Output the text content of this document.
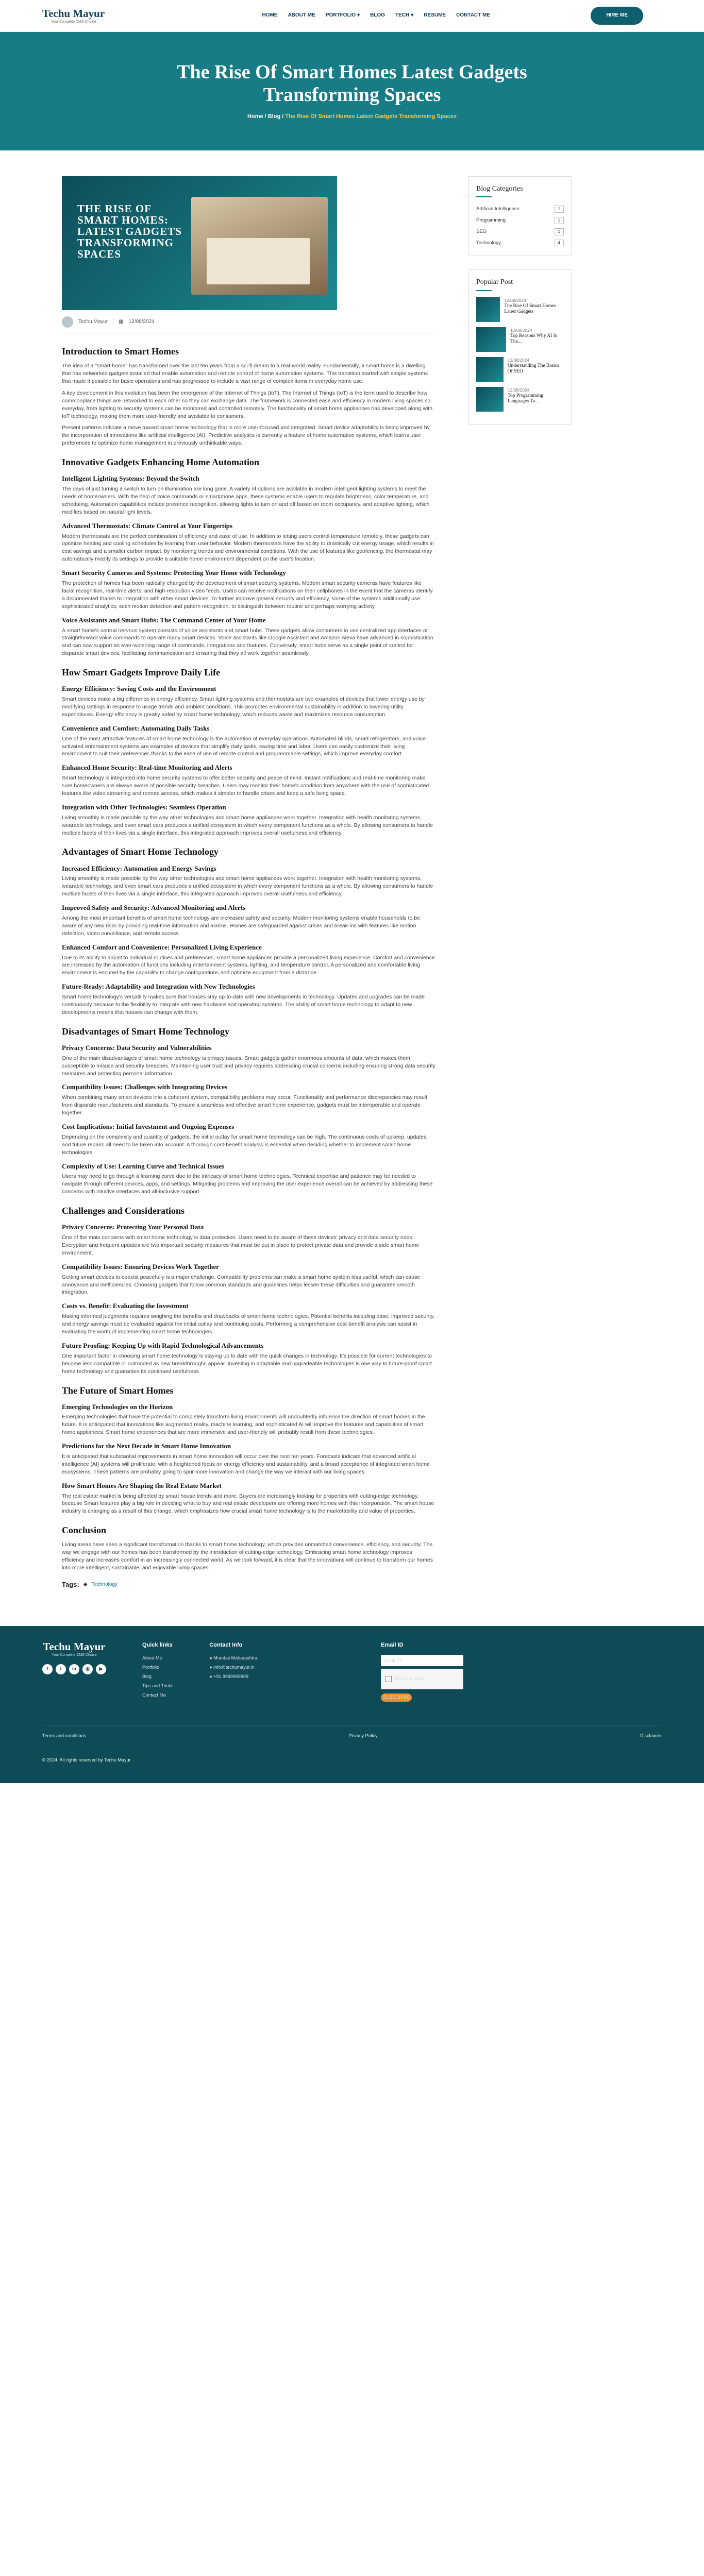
Techu Mayur
Your Complete CMS Choice
HOME ABOUT ME PORTFOLIO ▾ BLOG TECH ▾ RESUME CONTACT ME	HIRE ME
The Rise Of Smart Homes Latest Gadgets Transforming Spaces
Home / Blog / The Rise Of Smart Homes Latest Gadgets Transforming Spaces
THE RISE OF SMART HOMES: LATEST GADGETS TRANSFORMING SPACES
Techu Mayur ▦ 12/08/2024
Introduction to Smart Homes

The idea of a "smart home" has transformed over the last ten years from a sci-fi dream to a real-world reality. Fundamentally, a smart home is a dwelling that has networked gadgets installed that enable automation and remote control of home automation systems. This transition started with simple systems that made it possible for basic operations and has progressed to include a vast range of complex items in everyday home use.

A key development in this evolution has been the emergence of the Internet of Things (IoT). The Internet of Things (IoT) is the term used to describe how commonplace things are networked to each other so they can exchange data. The framework is connected ease and efficiency in modern living spaces so everyday, from lighting to security systems can be monitored and controlled remotely. The functionality of smart home appliances has developed along with IoT technology, making them more user-friendly and available to consumers.

Present patterns indicate a move toward smart home technology that is more user-focused and integrated. Smart device adaptability is being improved by the incorporation of innovations like artificial intelligence (AI). Predictive analytics is currently a feature of home automation systems, which learns user preferences to optimize home management in previously unthinkable ways.

Innovative Gadgets Enhancing Home Automation
Intelligent Lighting Systems: Beyond the Switch

The days of just turning a switch to turn on illumination are long gone. A variety of options are available in modern intelligent lighting systems to meet the needs of homeowners. With the help of voice commands or smartphone apps, these systems enable users to regulate brightness, color temperature, and scheduling. Automation capabilities include presence recognition, allowing lights to turn on and off based on room occupancy, and adaptive lighting, which modifies based on natural light levels.

Advanced Thermostats: Climate Control at Your Fingertips

Modern thermostats are the perfect combination of efficiency and ease of use. In addition to letting users control temperature remotely, these gadgets can optimize heating and cooling schedules by learning from user behavior. Modern thermostats have the ability to drastically cut energy usage, which results in cost savings and a smaller carbon impact, by monitoring trends and environmental conditions. With the use of features like geofencing, the thermostat may automatically modify its settings to provide a suitable home environment dependent on the user's location.

Smart Security Cameras and Systems: Protecting Your Home with Technology

The protection of homes has been radically changed by the development of smart security systems. Modern smart security cameras have features like facial recognition, real-time alerts, and high-resolution video feeds. Users can receive notifications on their cellphones in the event that the cameras identify a disconnected thanks to integration with other smart devices. To further improve general security and efficiency, some of the systems additionally use sophisticated analytics, such motion detection and pattern recognition, to distinguish between routine and perhaps worrying activity.

Voice Assistants and Smart Hubs: The Command Center of Your Home

A smart home's central nervous system consists of voice assistants and smart hubs. These gadgets allow consumers to use centralized app interfaces or straightforward voice commands to operate many smart devices. Voice assistants like Google Assistant and Amazon Alexa have advanced in sophistication and can now support an ever-widening range of commands, integrations and features. Conversely, smart hubs serve as a single point of control for disparate smart devices, facilitating communication and ensuring that they all work together seamlessly.

How Smart Gadgets Improve Daily Life
Energy Efficiency: Saving Costs and the Environment

Smart devices make a big difference in energy efficiency. Smart lighting systems and thermostats are two examples of devices that lower energy use by modifying settings in response to usage trends and ambient conditions. This promotes environmental sustainability in addition to lowering utility expenditures. Energy efficiency is greatly aided by smart home technology, which reduces waste and maximizes resource consumption.

Convenience and Comfort: Automating Daily Tasks

One of the most attractive features of smart home technology is the automation of everyday operations. Automated blinds, smart refrigerators, and voice-activated entertainment systems are examples of devices that simplify daily tasks, saving time and labor. Users can easily customize their living environment to suit their preferences thanks to the ease of use of remote control and programmable settings, which improve everyday comfort.

Enhanced Home Security: Real-time Monitoring and Alerts

Smart technology is integrated into home security systems to offer better security and peace of mind. Instant notifications and real-time monitoring make sure homeowners are always aware of possible security breaches. Users may monitor their home's condition from anywhere with the use of sophisticated features like video streaming and remote access, which makes it simpler to handle crises and keep a safe living space.

Integration with Other Technologies: Seamless Operation

Living smoothly is made possible by the way other technologies and smart home appliances work together. Integration with health monitoring systems, wearable technology, and even smart cars produces a unified ecosystem in which every component functions as a whole. By allowing consumers to handle multiple facets of their lives via a single interface, this integrated approach improves overall usefulness and efficiency.

Advantages of Smart Home Technology
Increased Efficiency: Automation and Energy Savings

Living smoothly is made possible by the way other technologies and smart home appliances work together. Integration with health monitoring systems, wearable technology, and even smart cars produces a unified ecosystem in which every component functions as a whole. By allowing consumers to handle multiple facets of their lives via a single interface, this integrated approach improves overall usefulness and efficiency.

Improved Safety and Security: Advanced Monitoring and Alerts

Among the most important benefits of smart home technology are increased safety and security. Modern monitoring systems enable households to be aware of any new risks by providing real-time information and alarms. Homes are safeguarded against crises and break-ins with features like motion detection, video surveillance, and remote access.

Enhanced Comfort and Convenience: Personalized Living Experience

Due to its ability to adjust to individual routines and preferences, smart home appliances provide a personalized living experience. Comfort and convenience are increased by the automation of functions including entertainment systems, lighting, and temperature control. A personalized and comfortable living environment is ensured by the capability to change configurations and optimize equipment from a distance.

Future-Ready: Adaptability and Integration with New Technologies

Smart home technology's versatility makes sure that houses stay up-to-date with new developments in technology. Updates and upgrades can be made continuously because to the flexibility to integrate with new hardware and operating systems. The ability of smart home technology to adapt to new developments means that houses can change with them.

Disadvantages of Smart Home Technology
Privacy Concerns: Data Security and Vulnerabilities

One of the main disadvantages of smart home technology is privacy issues. Smart gadgets gather enormous amounts of data, which makes them susceptible to misuse and security breaches. Maintaining user trust and privacy requires addressing crucial concerns including ensuring strong data security measures and protecting personal information.

Compatibility Issues: Challenges with Integrating Devices

When combining many smart devices into a coherent system, compatibility problems may occur. Functionality and performance discrepancies may result from disparate manufacturers and standards. To ensure a seamless and effective smart home experience, gadgets must be interoperable and operate together.

Cost Implications: Initial Investment and Ongoing Expenses

Depending on the complexity and quantity of gadgets, the initial outlay for smart home technology can be high. The continuous costs of upkeep, updates, and future repairs all need to be taken into account. A thorough cost-benefit analysis is essential when deciding whether to implement smart home technologies.

Complexity of Use: Learning Curve and Technical Issues

Users may need to go through a learning curve due to the intricacy of smart home technologies. Technical expertise and patience may be needed to navigate through different devices, apps, and settings. Mitigating problems and improving the user experience overall can be achieved by addressing these concerns with intuitive interfaces and all-inclusive support.

Challenges and Considerations
Privacy Concerns: Protecting Your Personal Data

One of the main concerns with smart home technology is data protection. Users need to be aware of these devices' privacy and data security rules. Encryption and frequent updates are two important security measures that must be put in place to protect private data and provide a safe smart home environment.

Compatibility Issues: Ensuring Devices Work Together

Getting smart devices to coexist peacefully is a major challenge. Compatibility problems can make a smart home system less useful, which can cause annoyance and inefficiencies. Choosing gadgets that follow common standards and guidelines helps lessen these difficulties and guarantee smooth integration.

Costs vs. Benefit: Evaluating the Investment

Making informed judgments requires weighing the benefits and drawbacks of smart home technologies. Potential benefits including ease, improved security, and energy savings must be evaluated against the initial outlay and continuing costs. Performing a comprehensive cost-benefit analysis can assist in evaluating the worth of implementing smart home technologies.

Future Proofing: Keeping Up with Rapid Technological Advancements

One important factor in choosing smart home technology is staying up to date with the quick changes in technology. It's possible for current technologies to become less compatible or outmoded as new breakthroughs appear. Investing in adaptable and upgradeable technologies is one way to future-proof smart home technology and guarantee its continued usefulness.

The Future of Smart Homes
Emerging Technologies on the Horizon

Emerging technologies that have the potential to completely transform living environments will undoubtedly influence the direction of smart homes in the future. It is anticipated that innovations like augmented reality, machine learning, and sophisticated AI will improve the features and capabilities of smart home appliances. Smart home experiences that are more immersive and user-friendly will probably result from these technologies.

Predictions for the Next Decade in Smart Home Innovation

It is anticipated that substantial improvements in smart home innovation will occur over the next ten years. Forecasts indicate that advanced artificial intelligence (AI) systems will proliferate, with a heightened focus on energy efficiency and sustainability, and a broad acceptance of integrated smart home ecosystems. These patterns are probably going to spur more innovation and change the way we interact with our living spaces.

How Smart Homes Are Shaping the Real Estate Market

The real estate market is being affected by smart house trends and more. Buyers are increasingly looking for properties with cutting-edge technology, because Smart features play a big role in deciding what to buy and real estate developers are offering more homes with this incorporation. The smart house industry is changing as a result of this change, which emphasizes how crucial smart home technology is to the marketability and value of properties.

Conclusion

Living areas have seen a significant transformation thanks to smart home technology, which provides unmatched convenience, efficiency, and security. The way we engage with our homes has been transformed by the introduction of cutting-edge technology. Embracing smart home technology improves efficiency and increases comfort in an increasingly connected world. As we look forward, it is clear that the innovations will continue to transform our homes into more intelligent, sustainable, and enjoyable living spaces.

Tags: ◆ Technology
Blog Categories
Artificial Intelligence	1
Programming	1
SEO	1
Technology	4
Popular Post
12/08/2024
The Rise Of Smart Homes Latest Gadgets
12/08/2024
Top Reasons Why AI Is The...
12/08/2024
Understanding The Basics Of SEO
12/08/2024
Top Programming Languages To...
Techu Mayur
Your Complete CMS Choice
f	t	in	◎	▶
Quick links
About Me
Portfolio
Blog
Tips and Tricks
Contact Me
Contact Info
● Mumbai Maharashtra
● info@techumayur.in
● +91 9999999999
Email ID
Email ID*
I'm not a robot
SUBSCRIBE
Terms and conditions	Privacy Policy	Disclaimer
© 2024. All rights reserved by Techu Mayur
